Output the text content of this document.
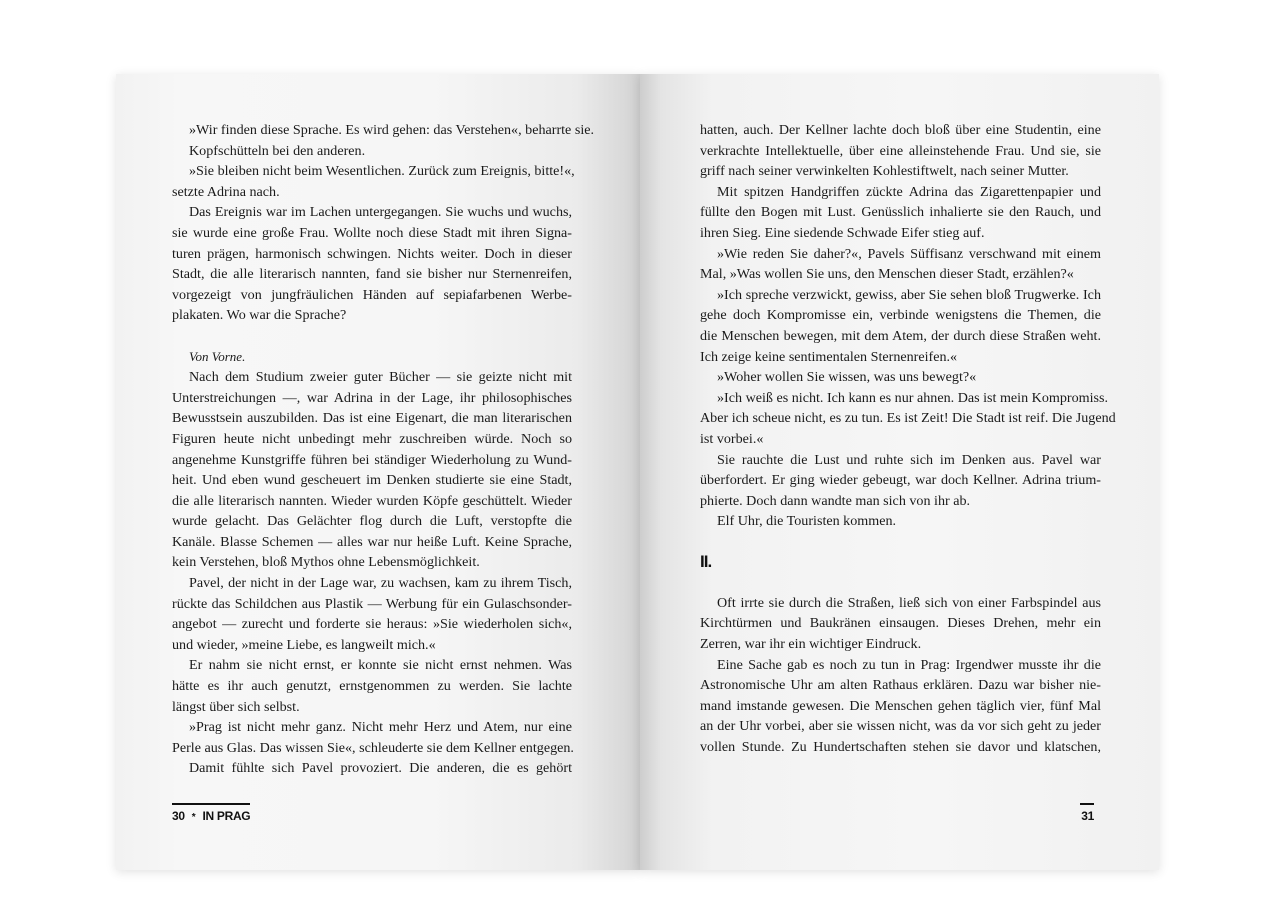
»Wir finden diese Sprache. Es wird gehen: das Verstehen«, beharrte sie.
Kopfschütteln bei den anderen.
»Sie bleiben nicht beim Wesentlichen. Zurück zum Ereignis, bitte!«,
setzte Adrina nach.
Das Ereignis war im Lachen untergegangen. Sie wuchs und wuchs,
sie wurde eine große Frau. Wollte noch diese Stadt mit ihren Signa-
turen prägen, harmonisch schwingen. Nichts weiter. Doch in dieser
Stadt, die alle literarisch nannten, fand sie bisher nur Sternenreifen,
vorgezeigt von jungfräulichen Händen auf sepiafarbenen Werbe-
plakaten. Wo war die Sprache?
Von Vorne.
Nach dem Studium zweier guter Bücher — sie geizte nicht mit
Unterstreichungen —, war Adrina in der Lage, ihr philosophisches
Bewusstsein auszubilden. Das ist eine Eigenart, die man literarischen
Figuren heute nicht unbedingt mehr zuschreiben würde. Noch so
angenehme Kunstgriffe führen bei ständiger Wiederholung zu Wund-
heit. Und eben wund gescheuert im Denken studierte sie eine Stadt,
die alle literarisch nannten. Wieder wurden Köpfe geschüttelt. Wieder
wurde gelacht. Das Gelächter flog durch die Luft, verstopfte die
Kanäle. Blasse Schemen — alles war nur heiße Luft. Keine Sprache,
kein Verstehen, bloß Mythos ohne Lebensmöglichkeit.
Pavel, der nicht in der Lage war, zu wachsen, kam zu ihrem Tisch,
rückte das Schildchen aus Plastik — Werbung für ein Gulaschsonder-
angebot — zurecht und forderte sie heraus: »Sie wiederholen sich«,
und wieder, »meine Liebe, es langweilt mich.«
Er nahm sie nicht ernst, er konnte sie nicht ernst nehmen. Was
hätte es ihr auch genutzt, ernstgenommen zu werden. Sie lachte
längst über sich selbst.
»Prag ist nicht mehr ganz. Nicht mehr Herz und Atem, nur eine
Perle aus Glas. Das wissen Sie«, schleuderte sie dem Kellner entgegen.
Damit fühlte sich Pavel provoziert. Die anderen, die es gehört
30 * IN PRAG
hatten, auch. Der Kellner lachte doch bloß über eine Studentin, eine
verkrachte Intellektuelle, über eine alleinstehende Frau. Und sie, sie
griff nach seiner verwinkelten Kohlestiftwelt, nach seiner Mutter.
Mit spitzen Handgriffen zückte Adrina das Zigarettenpapier und
füllte den Bogen mit Lust. Genüsslich inhalierte sie den Rauch, und
ihren Sieg. Eine siedende Schwade Eifer stieg auf.
»Wie reden Sie daher?«, Pavels Süffisanz verschwand mit einem
Mal, »Was wollen Sie uns, den Menschen dieser Stadt, erzählen?«
»Ich spreche verzwickt, gewiss, aber Sie sehen bloß Trugwerke. Ich
gehe doch Kompromisse ein, verbinde wenigstens die Themen, die
die Menschen bewegen, mit dem Atem, der durch diese Straßen weht.
Ich zeige keine sentimentalen Sternenreifen.«
»Woher wollen Sie wissen, was uns bewegt?«
»Ich weiß es nicht. Ich kann es nur ahnen. Das ist mein Kompromiss.
Aber ich scheue nicht, es zu tun. Es ist Zeit! Die Stadt ist reif. Die Jugend
ist vorbei.«
Sie rauchte die Lust und ruhte sich im Denken aus. Pavel war
überfordert. Er ging wieder gebeugt, war doch Kellner. Adrina trium-
phierte. Doch dann wandte man sich von ihr ab.
Elf Uhr, die Touristen kommen.
II.
Oft irrte sie durch die Straßen, ließ sich von einer Farbspindel aus
Kirchtürmen und Baukränen einsaugen. Dieses Drehen, mehr ein
Zerren, war ihr ein wichtiger Eindruck.
Eine Sache gab es noch zu tun in Prag: Irgendwer musste ihr die
Astronomische Uhr am alten Rathaus erklären. Dazu war bisher nie-
mand imstande gewesen. Die Menschen gehen täglich vier, fünf Mal
an der Uhr vorbei, aber sie wissen nicht, was da vor sich geht zu jeder
vollen Stunde. Zu Hundertschaften stehen sie davor und klatschen,
31
